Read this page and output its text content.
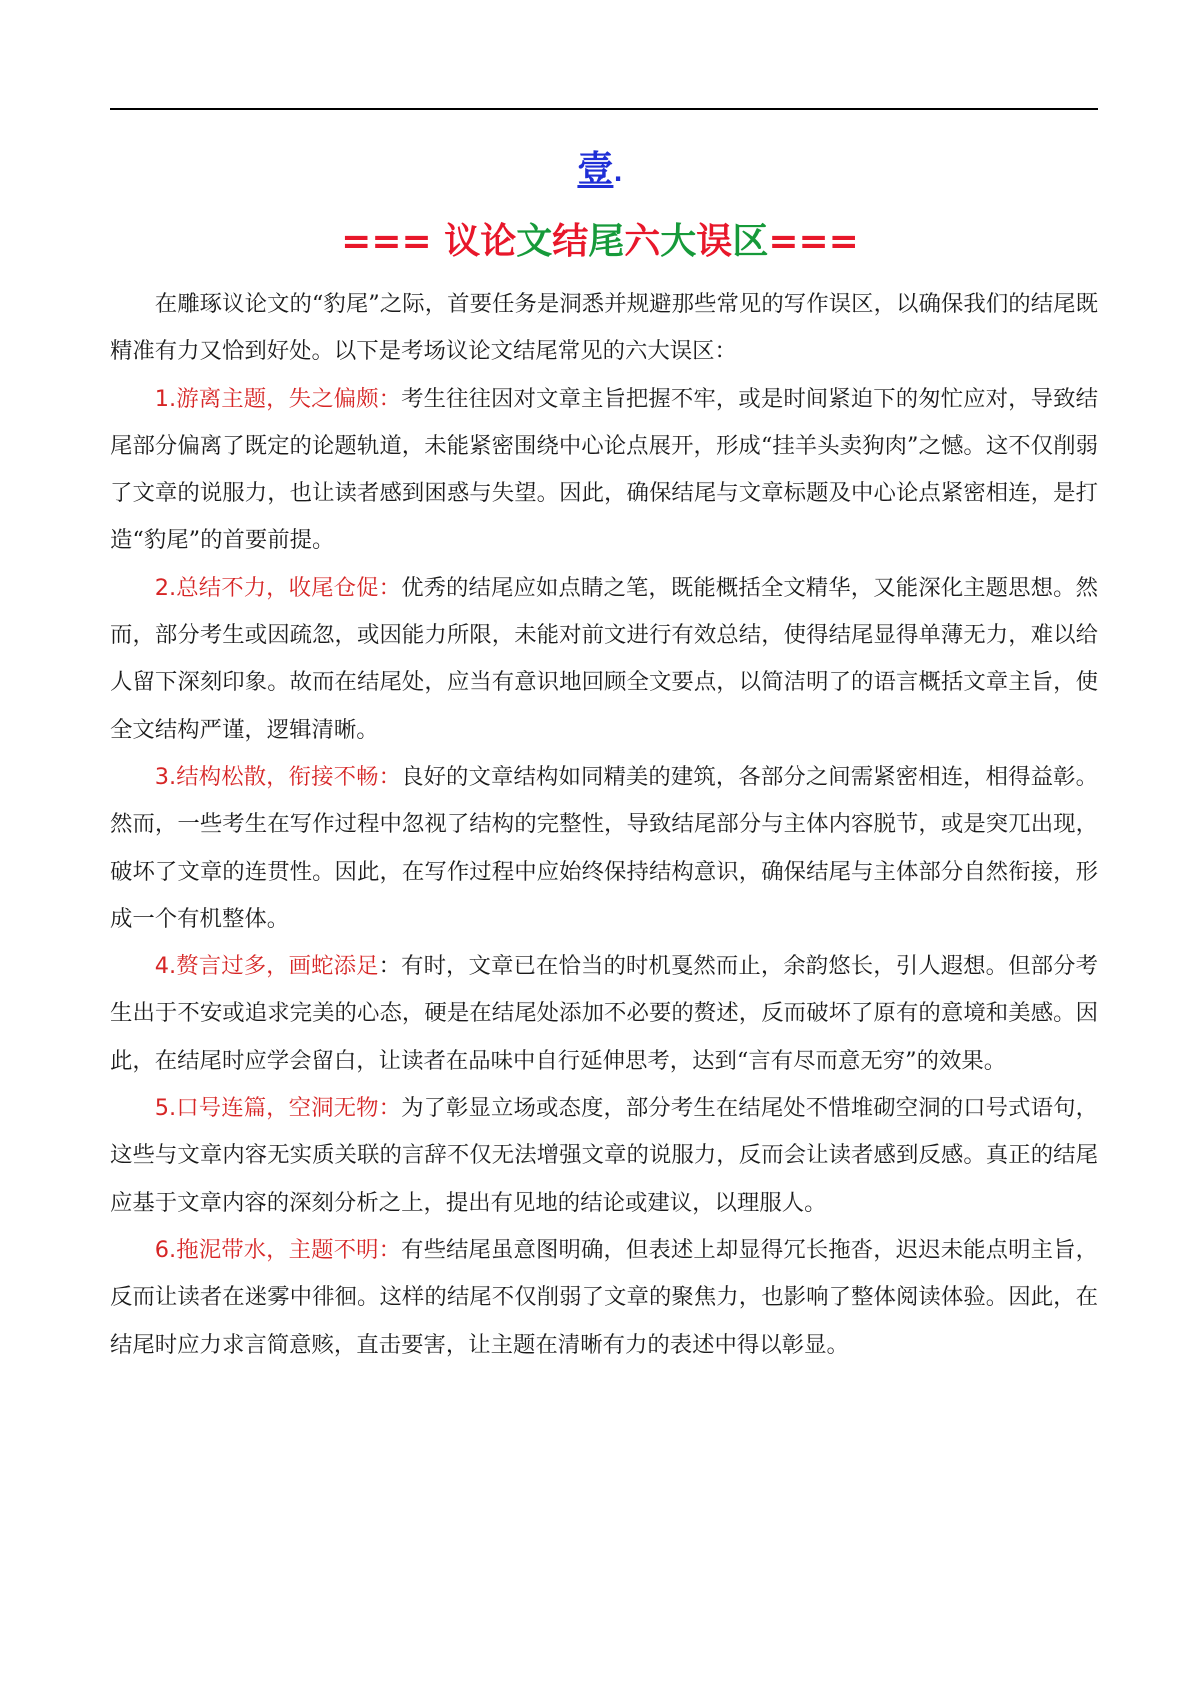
壹.
=== 议论文结尾六大误区===

在雕琢议论文的“豹尾”之际，首要任务是洞悉并规避那些常见的写作误区，以确保我们的结尾既精准有力又恰到好处。以下是考场议论文结尾常见的六大误区：

1.游离主题，失之偏颇：考生往往因对文章主旨把握不牢，或是时间紧迫下的匆忙应对，导致结尾部分偏离了既定的论题轨道，未能紧密围绕中心论点展开，形成“挂羊头卖狗肉”之憾。这不仅削弱了文章的说服力，也让读者感到困惑与失望。因此，确保结尾与文章标题及中心论点紧密相连，是打造“豹尾”的首要前提。

2.总结不力，收尾仓促：优秀的结尾应如点睛之笔，既能概括全文精华，又能深化主题思想。然而，部分考生或因疏忽，或因能力所限，未能对前文进行有效总结，使得结尾显得单薄无力，难以给人留下深刻印象。故而在结尾处，应当有意识地回顾全文要点，以简洁明了的语言概括文章主旨，使全文结构严谨，逻辑清晰。

3.结构松散，衔接不畅：良好的文章结构如同精美的建筑，各部分之间需紧密相连，相得益彰。然而，一些考生在写作过程中忽视了结构的完整性，导致结尾部分与主体内容脱节，或是突兀出现，破坏了文章的连贯性。因此，在写作过程中应始终保持结构意识，确保结尾与主体部分自然衔接，形成一个有机整体。

4.赘言过多，画蛇添足：有时，文章已在恰当的时机戛然而止，余韵悠长，引人遐想。但部分考生出于不安或追求完美的心态，硬是在结尾处添加不必要的赘述，反而破坏了原有的意境和美感。因此，在结尾时应学会留白，让读者在品味中自行延伸思考，达到“言有尽而意无穷”的效果。

5.口号连篇，空洞无物：为了彰显立场或态度，部分考生在结尾处不惜堆砌空洞的口号式语句，这些与文章内容无实质关联的言辞不仅无法增强文章的说服力，反而会让读者感到反感。真正的结尾应基于文章内容的深刻分析之上，提出有见地的结论或建议，以理服人。

6.拖泥带水，主题不明：有些结尾虽意图明确，但表述上却显得冗长拖沓，迟迟未能点明主旨，反而让读者在迷雾中徘徊。这样的结尾不仅削弱了文章的聚焦力，也影响了整体阅读体验。因此，在结尾时应力求言简意赅，直击要害，让主题在清晰有力的表述中得以彰显。
